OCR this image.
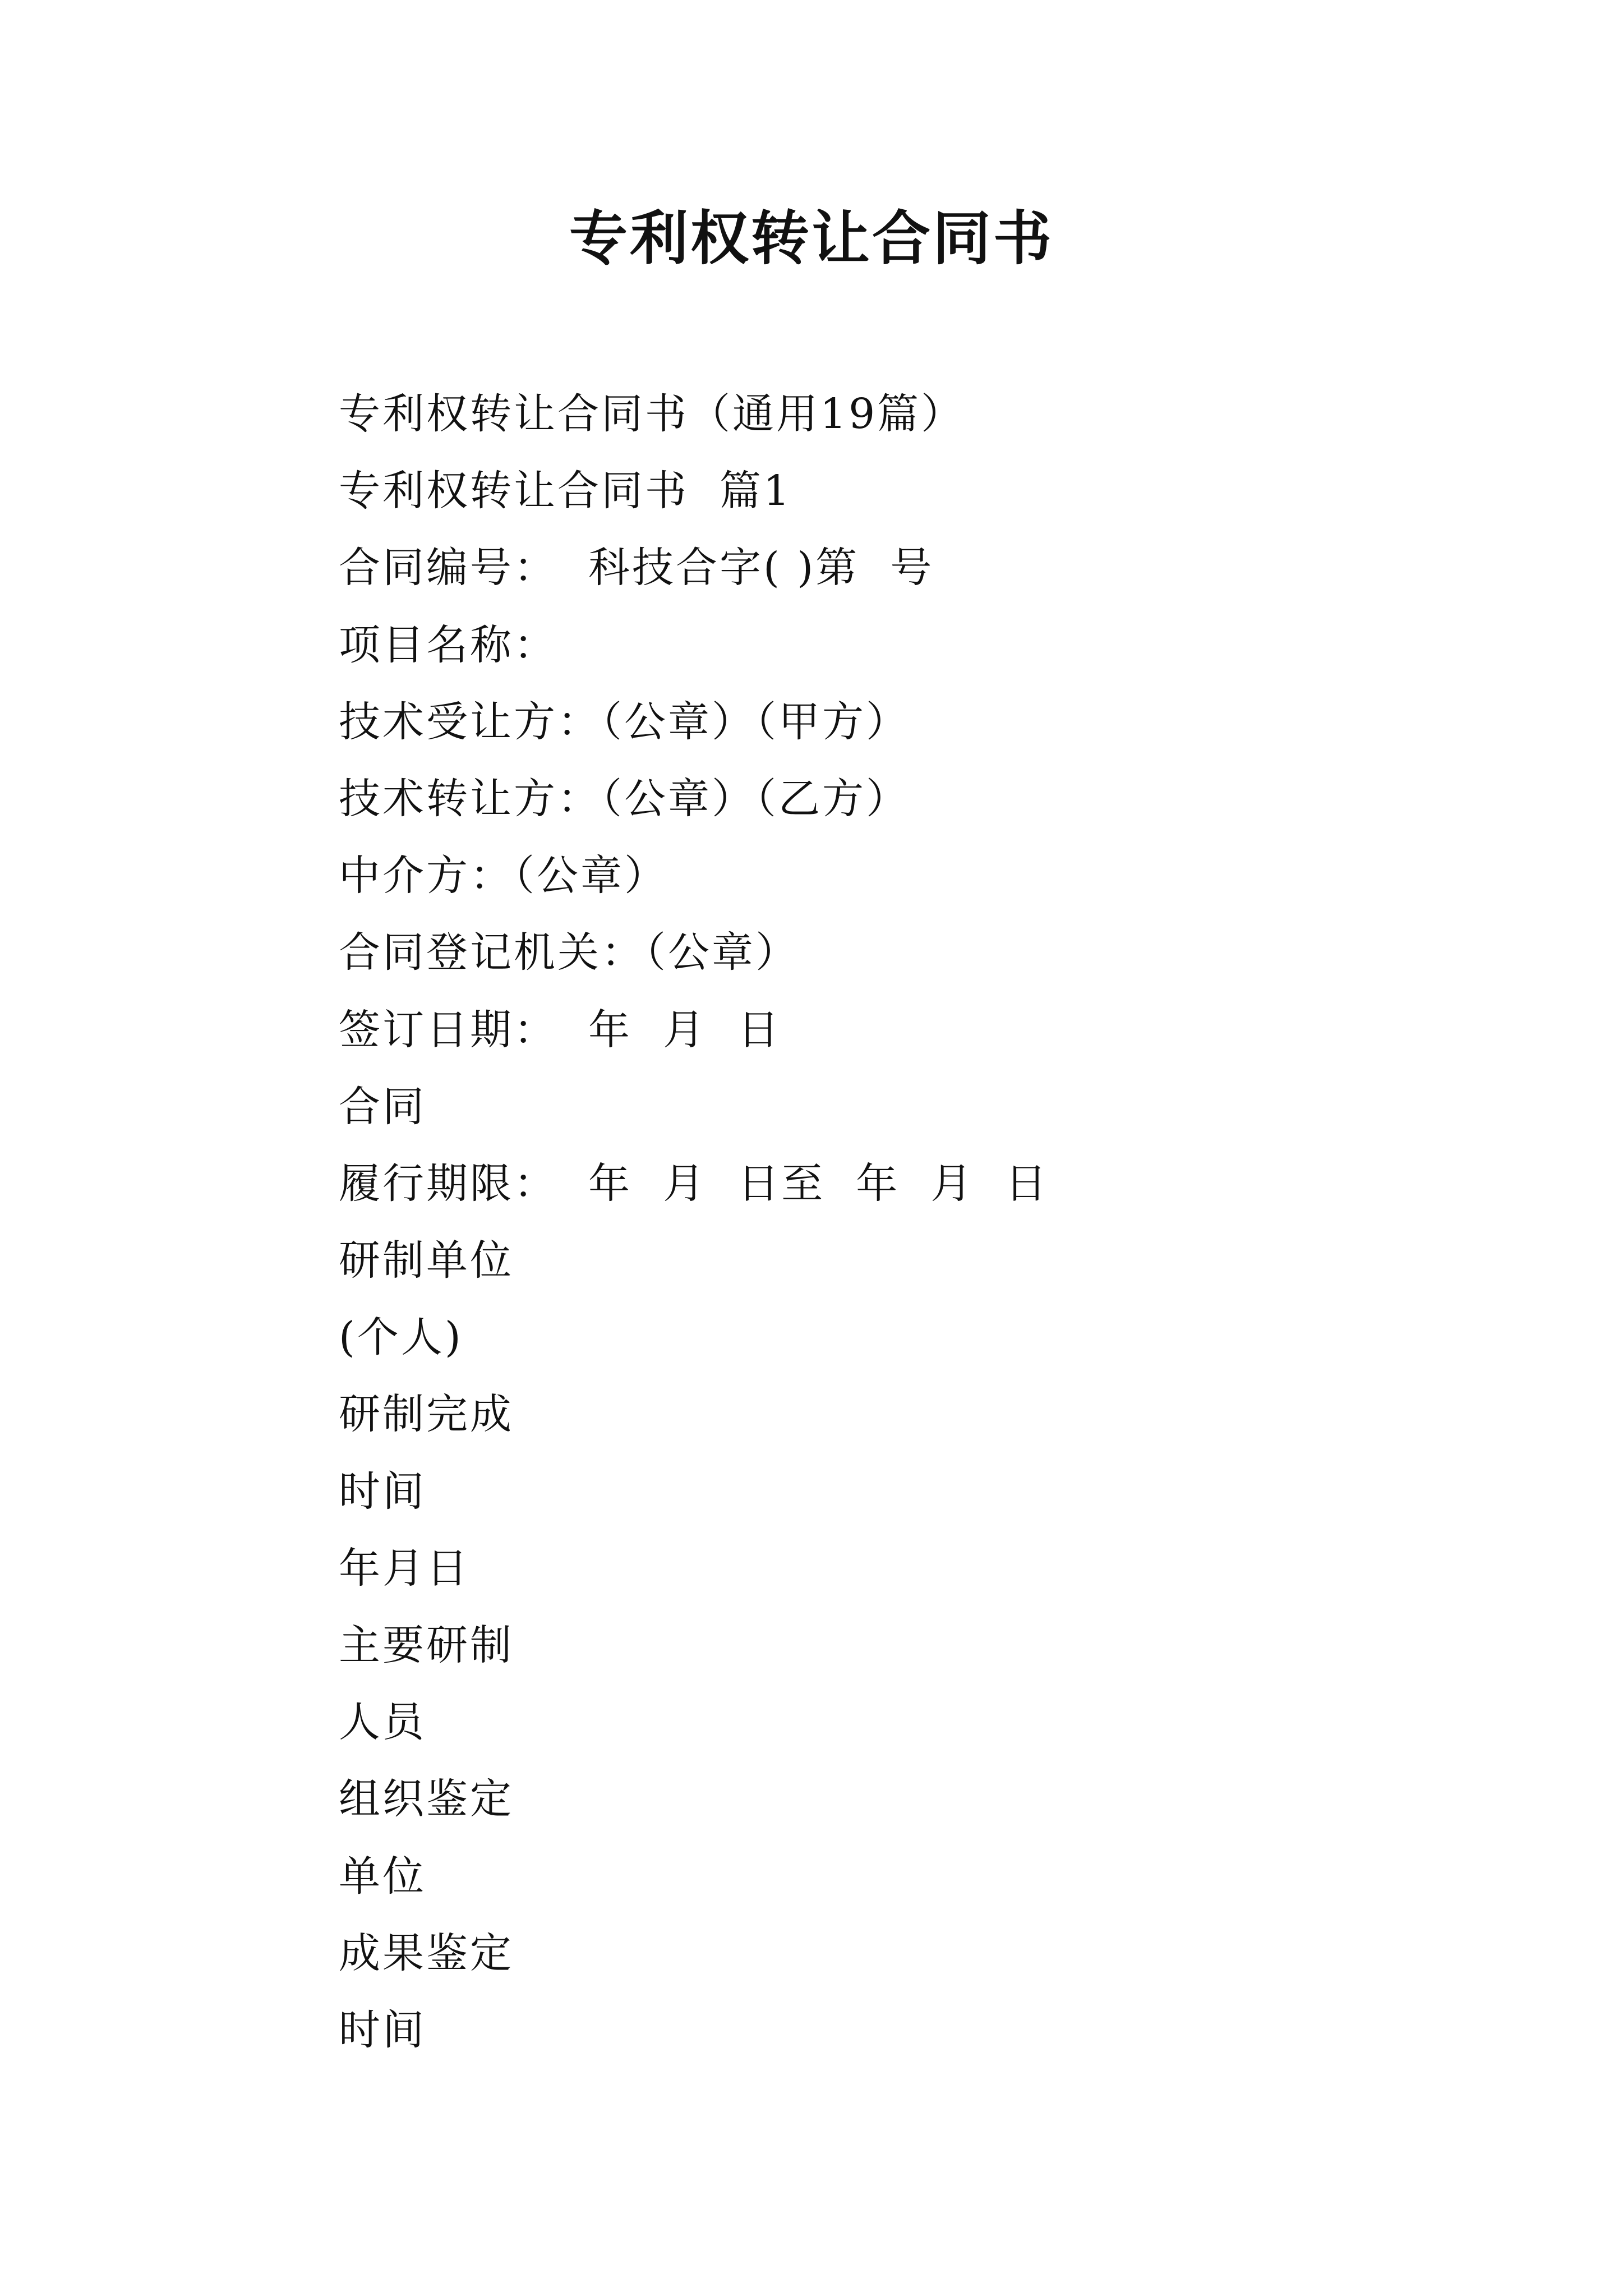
专利权转让合同书
专利权转让合同书（通用19篇）
专利权转让合同书  篇1
合同编号：  科技合字( )第  号
项目名称：
技术受让方：（公章）（甲方）
技术转让方：（公章）（乙方）
中介方：（公章）
合同登记机关：（公章）
签订日期：  年  月  日
合同
履行期限：  年  月  日至  年  月  日
研制单位
(个人)
研制完成
时间
年月日
主要研制
人员
组织鉴定
单位
成果鉴定
时间
